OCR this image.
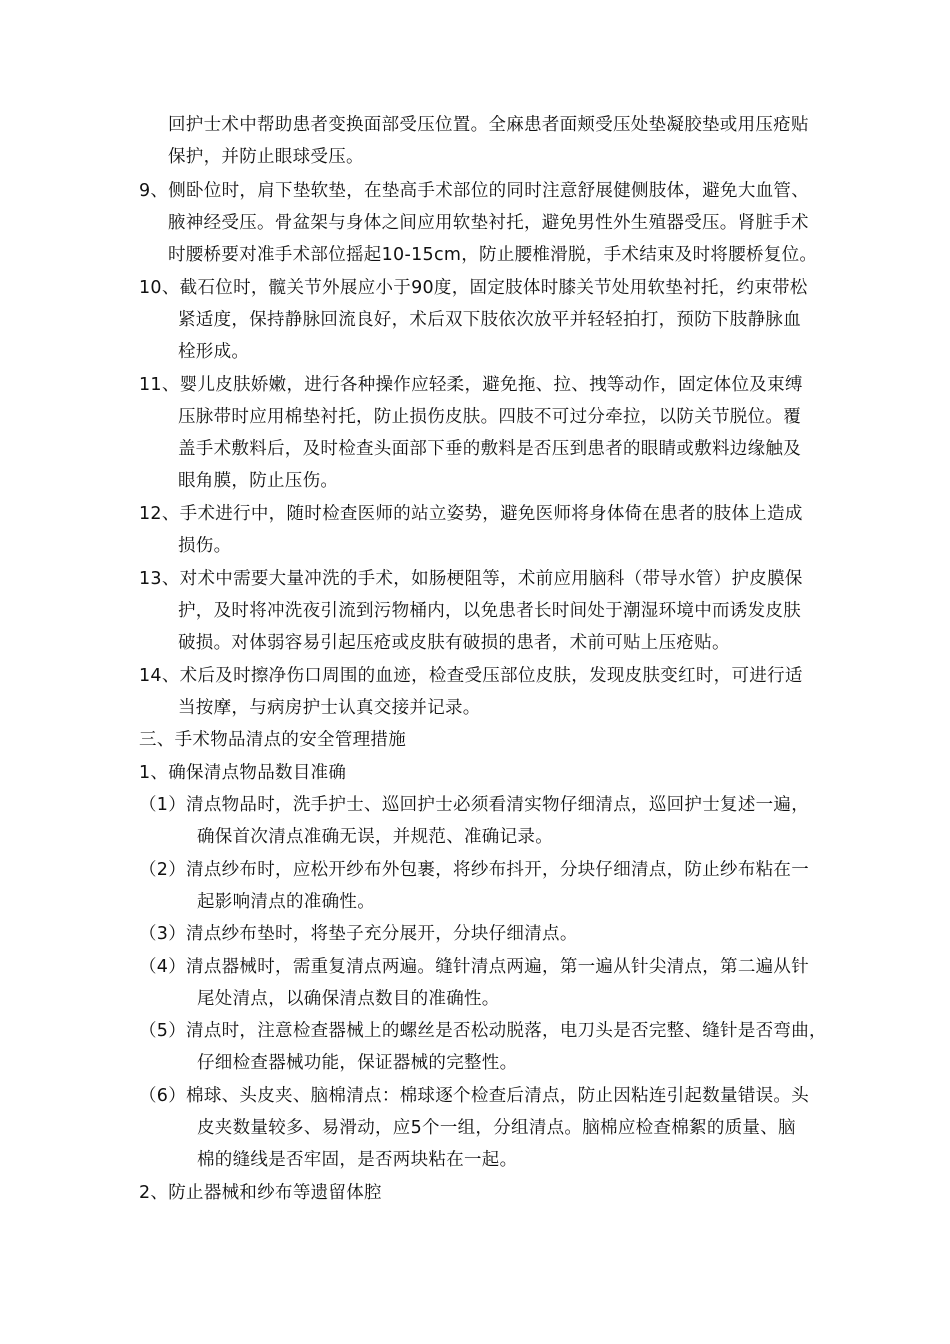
回护士术中帮助患者变换面部受压位置。全麻患者面颊受压处垫凝胶垫或用压疮贴
保护，并防止眼球受压。
9、侧卧位时，肩下垫软垫，在垫高手术部位的同时注意舒展健侧肢体，避免大血管、
腋神经受压。骨盆架与身体之间应用软垫衬托，避免男性外生殖器受压。肾脏手术
时腰桥要对准手术部位摇起10-15cm，防止腰椎滑脱，手术结束及时将腰桥复位。
10、截石位时，髋关节外展应小于90度，固定肢体时膝关节处用软垫衬托，约束带松
紧适度，保持静脉回流良好，术后双下肢依次放平并轻轻拍打，预防下肢静脉血
栓形成。
11、婴儿皮肤娇嫩，进行各种操作应轻柔，避免拖、拉、拽等动作，固定体位及束缚
压脉带时应用棉垫衬托，防止损伤皮肤。四肢不可过分牵拉，以防关节脱位。覆
盖手术敷料后，及时检查头面部下垂的敷料是否压到患者的眼睛或敷料边缘触及
眼角膜，防止压伤。
12、手术进行中，随时检查医师的站立姿势，避免医师将身体倚在患者的肢体上造成
损伤。
13、对术中需要大量冲洗的手术，如肠梗阻等，术前应用脑科（带导水管）护皮膜保
护，及时将冲洗夜引流到污物桶内，以免患者长时间处于潮湿环境中而诱发皮肤
破损。对体弱容易引起压疮或皮肤有破损的患者，术前可贴上压疮贴。
14、术后及时擦净伤口周围的血迹，检查受压部位皮肤，发现皮肤变红时，可进行适
当按摩，与病房护士认真交接并记录。
三、手术物品清点的安全管理措施
1、确保清点物品数目准确
（1）清点物品时，洗手护士、巡回护士必须看清实物仔细清点，巡回护士复述一遍，
确保首次清点准确无误，并规范、准确记录。
（2）清点纱布时，应松开纱布外包裹，将纱布抖开，分块仔细清点，防止纱布粘在一
起影响清点的准确性。
（3）清点纱布垫时，将垫子充分展开，分块仔细清点。
（4）清点器械时，需重复清点两遍。缝针清点两遍，第一遍从针尖清点，第二遍从针
尾处清点，以确保清点数目的准确性。
（5）清点时，注意检查器械上的螺丝是否松动脱落，电刀头是否完整、缝针是否弯曲，
仔细检查器械功能，保证器械的完整性。
（6）棉球、头皮夹、脑棉清点：棉球逐个检查后清点，防止因粘连引起数量错误。头
皮夹数量较多、易滑动，应5个一组，分组清点。脑棉应检查棉絮的质量、脑
棉的缝线是否牢固，是否两块粘在一起。
2、防止器械和纱布等遗留体腔
